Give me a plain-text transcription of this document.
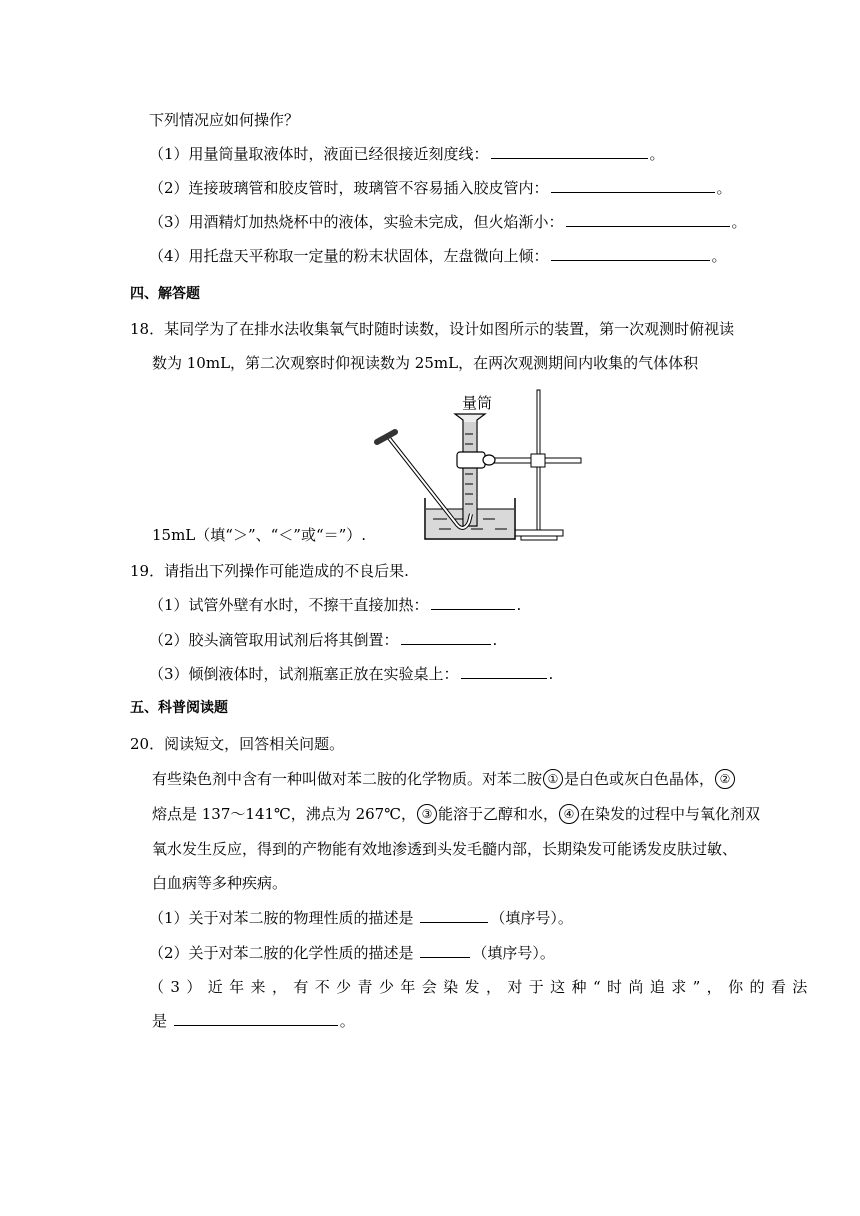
下列情况应如何操作？
（1）用量筒量取液体时，液面已经很接近刻度线：	。
（2）连接玻璃管和胶皮管时，玻璃管不容易插入胶皮管内：	。
（3）用酒精灯加热烧杯中的液体，实验未完成，但火焰渐小：	。
（4）用托盘天平称取一定量的粉末状固体，左盘微向上倾：	。
四、解答题
18．某同学为了在排水法收集氧气时随时读数，设计如图所示的装置，第一次观测时俯视读
数为 10mL，第二次观察时仰视读数为 25mL，在两次观测期间内收集的气体体积
量筒
15mL（填“＞”、“＜”或“＝”）.
19．请指出下列操作可能造成的不良后果.
（1）试管外壁有水时，不擦干直接加热：	.
（2）胶头滴管取用试剂后将其倒置：	.
（3）倾倒液体时，试剂瓶塞正放在实验桌上：	.
五、科普阅读题
20．阅读短文，回答相关问题。
有些染色剂中含有一种叫做对苯二胺的化学物质。对苯二胺 ① 是白色或灰白色晶体， ②
熔点是 137～141℃，沸点为 267℃， ③ 能溶于乙醇和水， ④ 在染发的过程中与氧化剂双
氧水发生反应，得到的产物能有效地渗透到头发毛髓内部，长期染发可能诱发皮肤过敏、
白血病等多种疾病。
（1）关于对苯二胺的物理性质的描述是	（填序号）。
（2）关于对苯二胺的化学性质的描述是	（填序号）。
（3）近年来，有不少青少年会染发，对于这种“时尚追求”，你的看法
是	。
